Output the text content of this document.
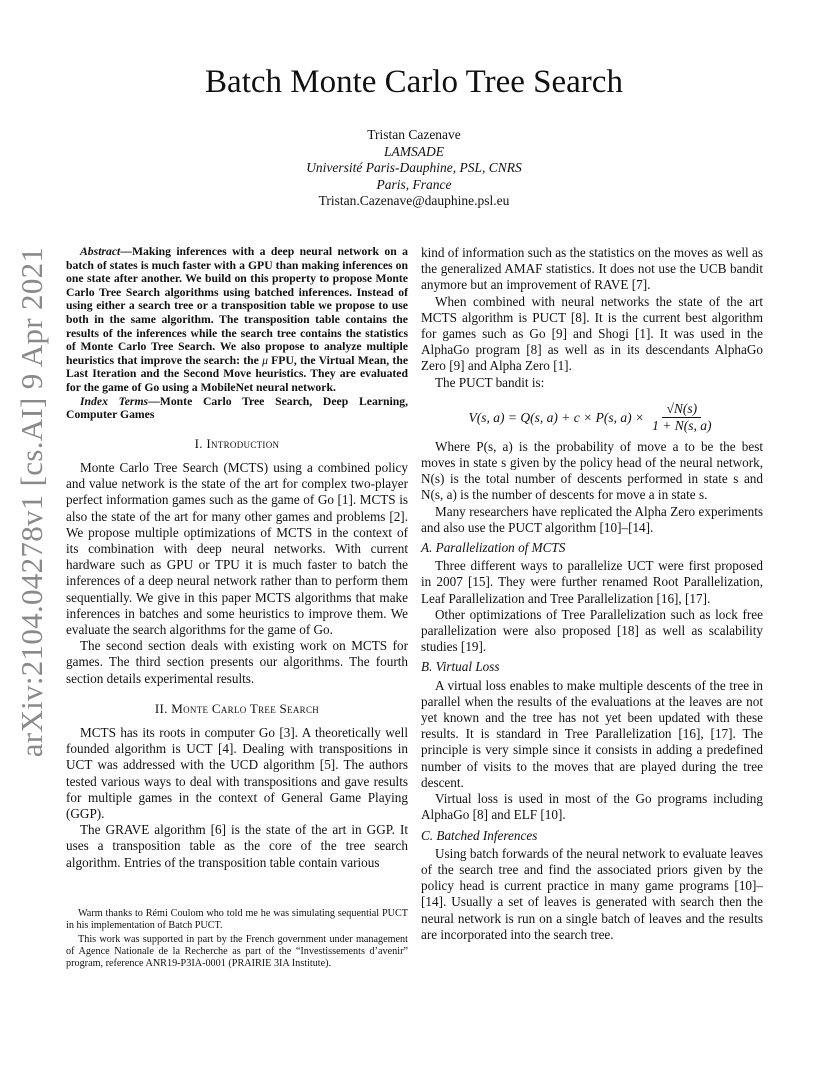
arXiv:2104.04278v1 [cs.AI] 9 Apr 2021
Batch Monte Carlo Tree Search
Tristan Cazenave
LAMSADE
Université Paris-Dauphine, PSL, CNRS
Paris, France
Tristan.Cazenave@dauphine.psl.eu

Abstract—Making inferences with a deep neural network on a batch of states is much faster with a GPU than making inferences on one state after another. We build on this property to propose Monte Carlo Tree Search algorithms using batched inferences. Instead of using either a search tree or a transposition table we propose to use both in the same algorithm. The transposition table contains the results of the inferences while the search tree contains the statistics of Monte Carlo Tree Search. We also propose to analyze multiple heuristics that improve the search: the μ FPU, the Virtual Mean, the Last Iteration and the Second Move heuristics. They are evaluated for the game of Go using a MobileNet neural network.

Index Terms—Monte Carlo Tree Search, Deep Learning, Computer Games

I. Introduction

Monte Carlo Tree Search (MCTS) using a combined policy and value network is the state of the art for complex two-player perfect information games such as the game of Go [1]. MCTS is also the state of the art for many other games and problems [2]. We propose multiple optimizations of MCTS in the context of its combination with deep neural networks. With current hardware such as GPU or TPU it is much faster to batch the inferences of a deep neural network rather than to perform them sequentially. We give in this paper MCTS algorithms that make inferences in batches and some heuristics to improve them. We evaluate the search algorithms for the game of Go.

The second section deals with existing work on MCTS for games. The third section presents our algorithms. The fourth section details experimental results.

II. Monte Carlo Tree Search

MCTS has its roots in computer Go [3]. A theoretically well founded algorithm is UCT [4]. Dealing with transpositions in UCT was addressed with the UCD algorithm [5]. The authors tested various ways to deal with transpositions and gave results for multiple games in the context of General Game Playing (GGP).

The GRAVE algorithm [6] is the state of the art in GGP. It uses a transposition table as the core of the tree search algorithm. Entries of the transposition table contain various

Warm thanks to Rémi Coulom who told me he was simulating sequential PUCT in his implementation of Batch PUCT.

This work was supported in part by the French government under management of Agence Nationale de la Recherche as part of the “Investissements d’avenir” program, reference ANR19-P3IA-0001 (PRAIRIE 3IA Institute).

kind of information such as the statistics on the moves as well as the generalized AMAF statistics. It does not use the UCB bandit anymore but an improvement of RAVE [7].

When combined with neural networks the state of the art MCTS algorithm is PUCT [8]. It is the current best algorithm for games such as Go [9] and Shogi [1]. It was used in the AlphaGo program [8] as well as in its descendants AlphaGo Zero [9] and Alpha Zero [1].

The PUCT bandit is:

V(s, a) = Q(s, a) + c × P(s, $a) \times \frac{√N(s)}{1 + N(s, a)}$

Where P(s, a) is the probability of move a to be the best moves in state s given by the policy head of the neural network, N(s) is the total number of descents performed in state s and N(s, a) is the number of descents for move a in state s.

Many researchers have replicated the Alpha Zero experiments and also use the PUCT algorithm [10]–[14].

A. Parallelization of MCTS

Three different ways to parallelize UCT were first proposed in 2007 [15]. They were further renamed Root Parallelization, Leaf Parallelization and Tree Parallelization [16], [17].

Other optimizations of Tree Parallelization such as lock free parallelization were also proposed [18] as well as scalability studies [19].

B. Virtual Loss

A virtual loss enables to make multiple descents of the tree in parallel when the results of the evaluations at the leaves are not yet known and the tree has not yet been updated with these results. It is standard in Tree Parallelization [16], [17]. The principle is very simple since it consists in adding a predefined number of visits to the moves that are played during the tree descent.

Virtual loss is used in most of the Go programs including AlphaGo [8] and ELF [10].

C. Batched Inferences

Using batch forwards of the neural network to evaluate leaves of the search tree and find the associated priors given by the policy head is current practice in many game programs [10]–[14]. Usually a set of leaves is generated with search then the neural network is run on a single batch of leaves and the results are incorporated into the search tree.
